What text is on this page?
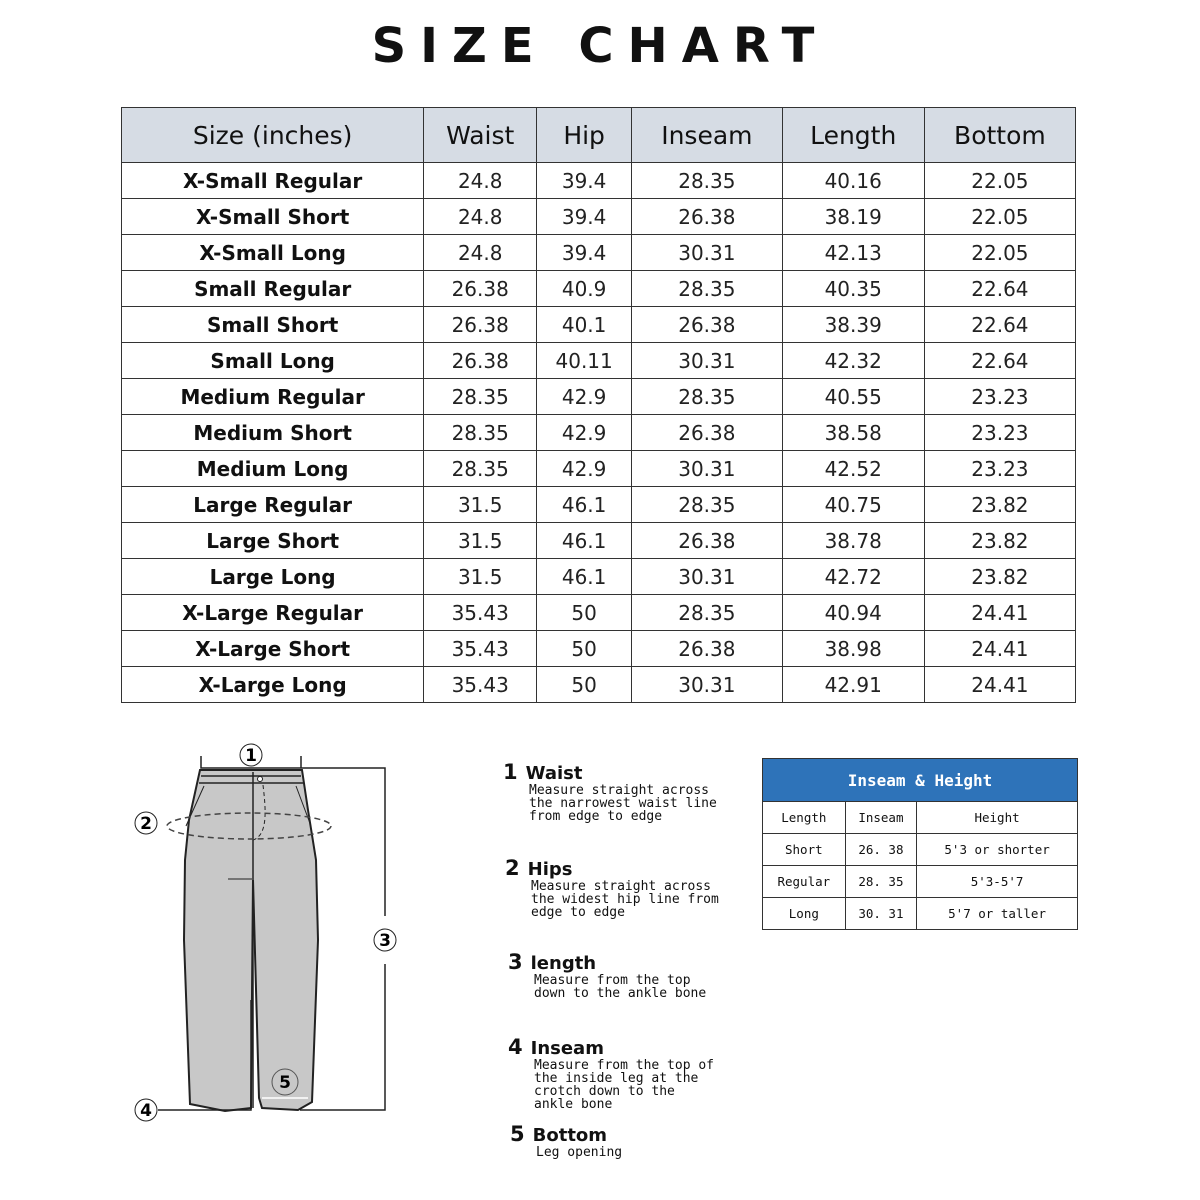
SIZE CHART
Size (inches)	Waist	Hip	Inseam	Length	Bottom
X-Small Regular	24.8	39.4	28.35	40.16	22.05
X-Small Short	24.8	39.4	26.38	38.19	22.05
X-Small Long	24.8	39.4	30.31	42.13	22.05
Small Regular	26.38	40.9	28.35	40.35	22.64
Small Short	26.38	40.1	26.38	38.39	22.64
Small Long	26.38	40.11	30.31	42.32	22.64
Medium Regular	28.35	42.9	28.35	40.55	23.23
Medium Short	28.35	42.9	26.38	38.58	23.23
Medium Long	28.35	42.9	30.31	42.52	23.23
Large Regular	31.5	46.1	28.35	40.75	23.82
Large Short	31.5	46.1	26.38	38.78	23.82
Large Long	31.5	46.1	30.31	42.72	23.82
X-Large Regular	35.43	50	28.35	40.94	24.41
X-Large Short	35.43	50	26.38	38.98	24.41
X-Large Long	35.43	50	30.31	42.91	24.41
1
2
3
4
5
1 Waist
Measure straight across
the narrowest waist line
from edge to edge
2 Hips
Measure straight across
the widest hip line from
edge to edge
3 length
Measure from the top
down to the ankle bone
4 Inseam
Measure from the top of
the inside leg at the
crotch down to the
ankle bone
5 Bottom
Leg opening
Inseam & Height		
Length	Inseam	Height
Short	26. 38	5'3 or shorter
Regular	28. 35	5'3-5'7
Long	30. 31	5'7 or taller
